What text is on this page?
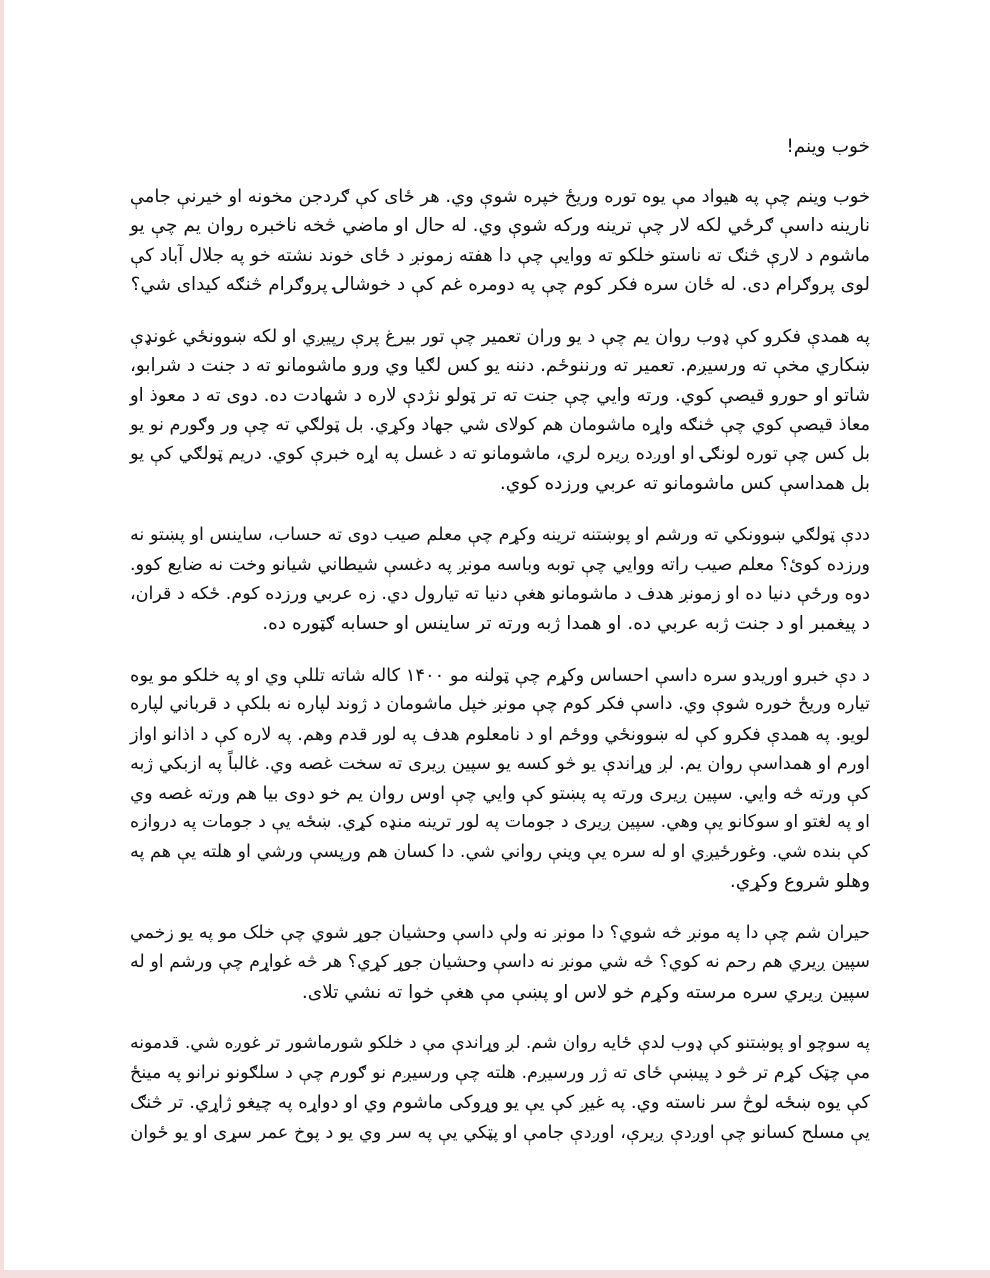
خوب وینم!
خوب وینم چې په هیواد مې یوه توره وریځ خپره شوې وي. هر ځای کې ګردجن مخونه او خیرنې جامې
نارینه داسې ګرځي لکه لار چې ترینه ورکه شوې وي. له حال او ماضي څخه ناخبره روان یم چې یو
ماشوم د لارې څنګ ته ناستو خلکو ته ووایې چې دا هفته زمونږ د ځای خوند نشته خو په جلال آباد کې
لوی پروګرام دی. له ځان سره فکر کوم چې په دومره غم کې د خوشالۍ پروګرام څنګه کیدای شي؟
په همدې فکرو کې ډوب روان یم چې د یو وران تعمیر چې تور بیرغ پرې رپیږي او لکه ښوونځي غونډې
ښکاري مخې ته ورسیږم. تعمیر ته ورننوځم. دننه یو کس لګیا وي ورو ماشومانو ته د جنت د شرابو،
شاتو او حورو قیصې کوي. ورته وایي چې جنت ته تر ټولو نژدې لاره د شهادت ده. دوی ته د معوذ او
معاذ قیصې کوي چې څنګه واړه ماشومان هم کولای شي جهاد وکړي. بل ټولګي ته چې ور وګورم نو یو
بل کس چې توره لونګۍ او اوږده ږیره لري، ماشومانو ته د غسل په اړه خبرې کوي. دریم ټولګي کې یو
بل همداسې کس ماشومانو ته عربي ورزده کوي.
ددې ټولګي ښوونکي ته ورشم او پوښتنه ترینه وکړم چې معلم صیب دوی ته حساب، ساینس او پښتو نه
ورزده کوئ؟ معلم صیب راته ووایي چې توبه وباسه مونږ په دغسې شیطاني شیانو وخت نه ضایع کوو.
دوه ورځې دنیا ده او زمونږ هدف د ماشومانو هغې دنیا ته تیارول دي. زه عربي ورزده کوم. ځکه د قران،
د پیغمبر او د جنت ژبه عربي ده. او همدا ژبه ورته تر ساینس او حسابه ګټوره ده.
د دې خبرو اوریدو سره داسې احساس وکړم چې ټولنه مو ۱۴۰۰ کاله شاته تللې وي او په خلکو مو یوه
تیاره وریځ خوره شوې وي. داسې فکر کوم چې مونږ خپل ماشومان د ژوند لپاره نه بلکې د قرباني لپاره
لویو. په همدې فکرو کې له ښوونځي ووځم او د نامعلوم هدف په لور قدم وهم. په لاره کې د اذانو اواز
اورم او همداسې روان یم. لږ وړاندې یو څو کسه یو سپین ږیری ته سخت غصه وي. غالباً په ازبکي ژبه
کې ورته څه وایي. سپین ږیری ورته په پښتو کې وایي چې اوس روان یم خو دوی بیا هم ورته غصه وي
او په لغتو او سوکانو یې وهي. سپین ږیری د جومات په لور ترینه منډه کړي. ښځه یې د جومات په دروازه
کې بنده شي. وغورځیږي او له سره یې وینې رواني شي. دا کسان هم ورپسې ورشي او هلته یې هم په
وهلو شروع وکړي.
حیران شم چې دا په مونږ څه شوي؟ دا مونږ نه ولې داسې وحشیان جوړ شوي چې خلک مو په یو زخمي
سپین ږیري هم رحم نه کوي؟ څه شي مونږ نه داسې وحشیان جوړ کړي؟ هر څه غواړم چې ورشم او له
سپین ږیري سره مرسته وکړم خو لاس او پښې مې هغې خوا ته نشي تلای.
په سوچو او پوښتنو کې ډوب لدې ځایه روان شم. لږ وړاندې مې د خلکو شورماشور تر غوږه شي. قدمونه
مې چټک کړم تر څو د پیښې ځای ته ژر ورسیږم. هلته چې ورسیږم نو ګورم چې د سلګونو نرانو په مینځ
کې یوه ښځه لوڅ سر ناسته وي. په غیږ کې یې یو وړوکی ماشوم وي او دواړه په چیغو ژاړي. تر څنګ
یې مسلح کسانو چې اوږدې ږیرې، اوږدې جامې او پټکي یې په سر وي یو د پوخ عمر سړی او یو ځوان
